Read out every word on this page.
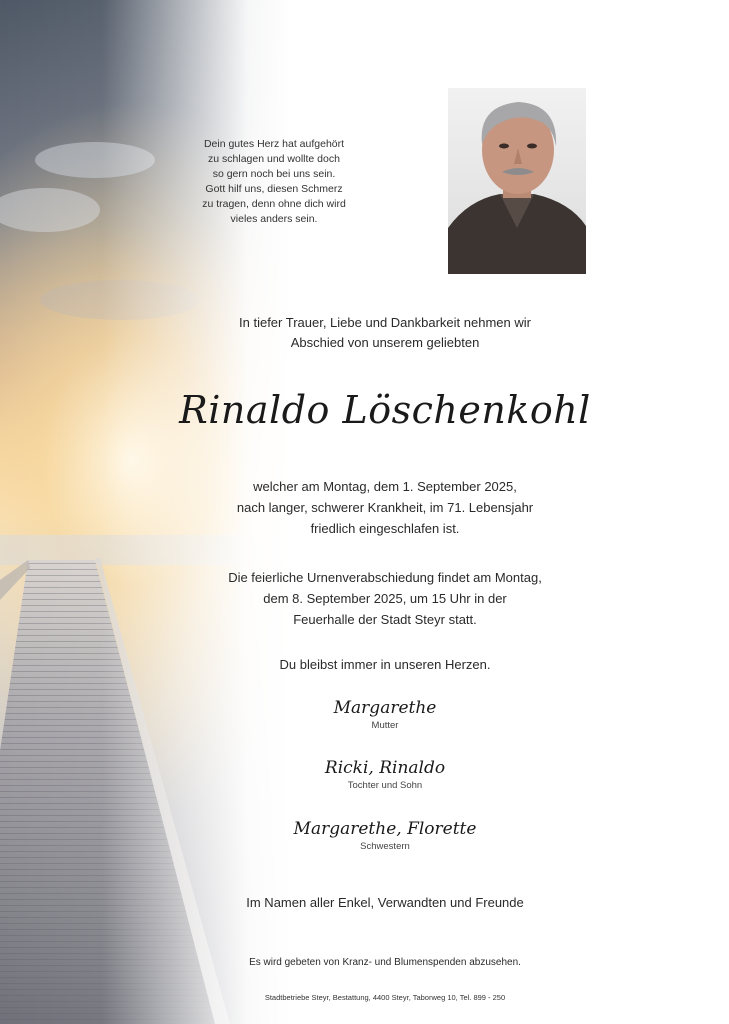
Dein gutes Herz hat aufgehört
zu schlagen und wollte doch
so gern noch bei uns sein.
Gott hilf uns, diesen Schmerz
zu tragen, denn ohne dich wird
vieles anders sein.
In tiefer Trauer, Liebe und Dankbarkeit nehmen wir
Abschied von unserem geliebten
Rinaldo Löschenkohl
welcher am Montag, dem 1. September 2025,
nach langer, schwerer Krankheit, im 71. Lebensjahr
friedlich eingeschlafen ist.
Die feierliche Urnenverabschiedung findet am Montag,
dem 8. September 2025, um 15 Uhr in der
Feuerhalle der Stadt Steyr statt.
Du bleibst immer in unseren Herzen.
Margarethe
Mutter
Ricki, Rinaldo
Tochter und Sohn
Margarethe, Florette
Schwestern
Im Namen aller Enkel, Verwandten und Freunde
Es wird gebeten von Kranz- und Blumenspenden abzusehen.
Stadtbetriebe Steyr, Bestattung, 4400 Steyr, Taborweg 10, Tel. 899 - 250
